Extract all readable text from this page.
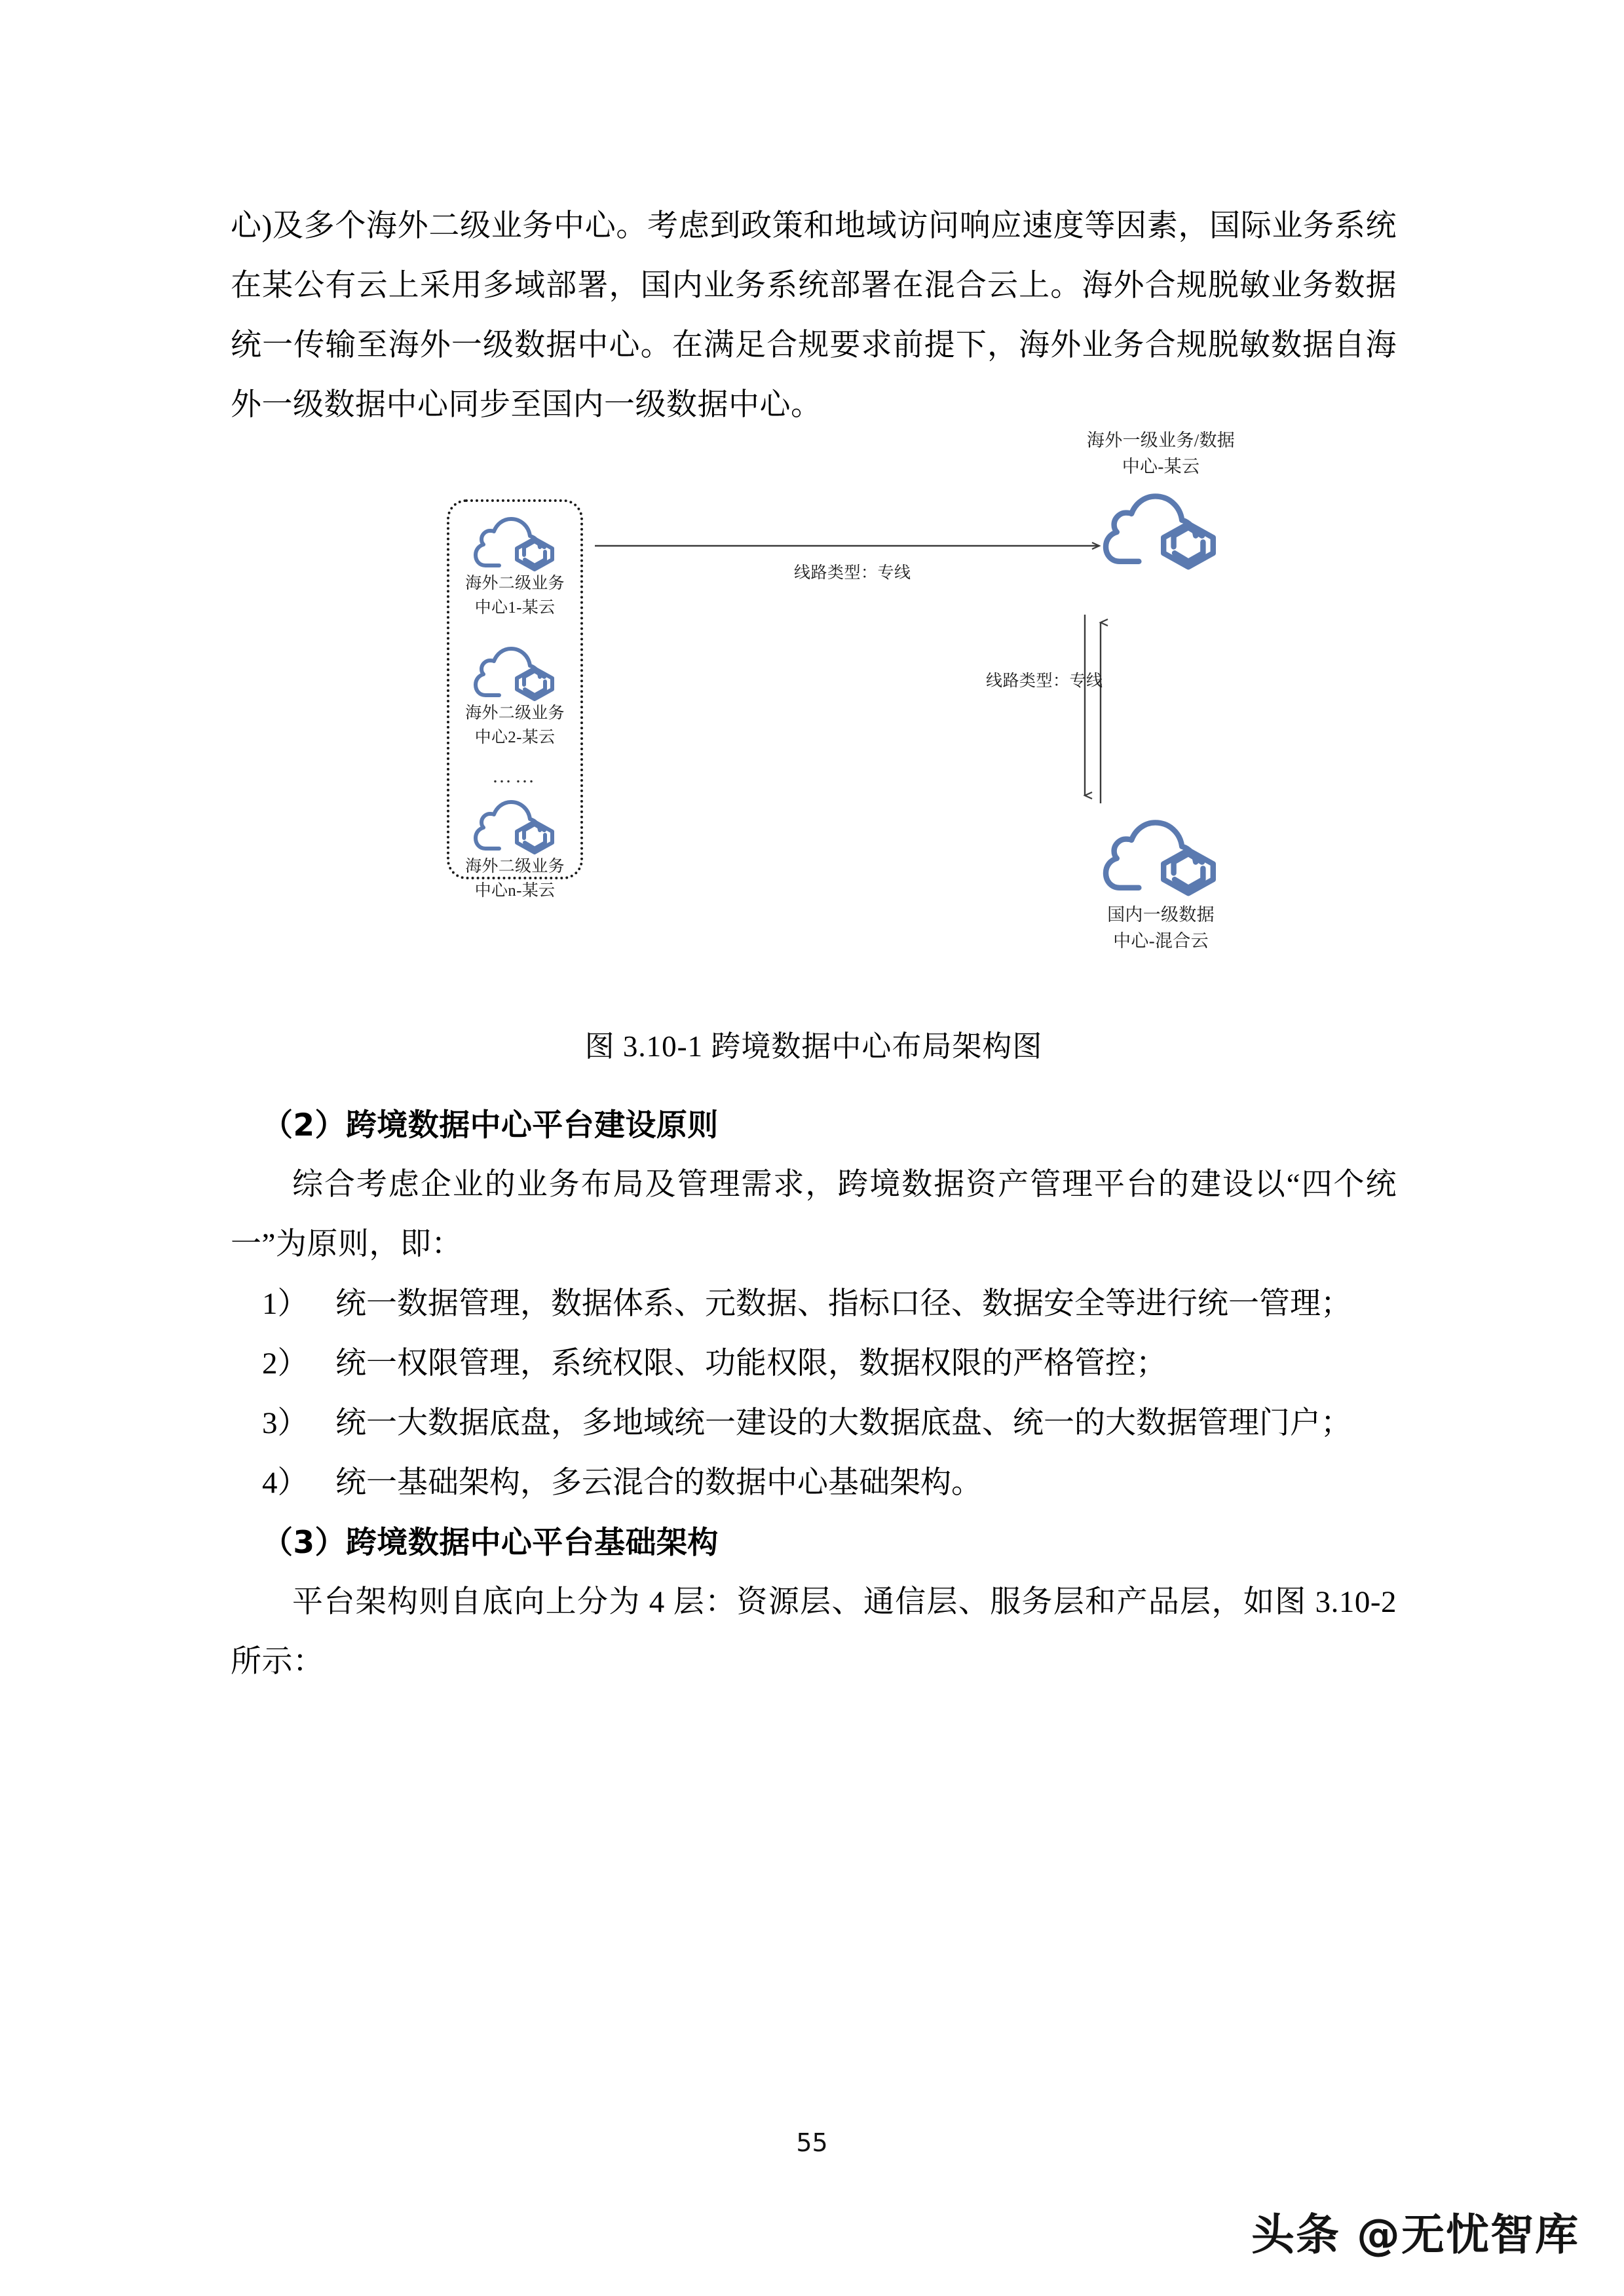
心)及多个海外二级业务中心。考虑到政策和地域访问响应速度等因素，国际业务系统在某公有云上采用多域部署，国内业务系统部署在混合云上。海外合规脱敏业务数据统一传输至海外一级数据中心。在满足合规要求前提下，海外业务合规脱敏数据自海外一级数据中心同步至国内一级数据中心。

海外二级业务
中心1-某云
海外二级业务
中心2-某云
……
海外二级业务
中心n-某云
线路类型：专线
海外一级业务/数据
中心-某云
线路类型：专线
国内一级数据
中心-混合云
图 3.10-1 跨境数据中心布局架构图
（2）跨境数据中心平台建设原则

综合考虑企业的业务布局及管理需求，跨境数据资产管理平台的建设以“四个统一”为原则，即：

1） 统一数据管理，数据体系、元数据、指标口径、数据安全等进行统一管理；
2） 统一权限管理，系统权限、功能权限，数据权限的严格管控；
3） 统一大数据底盘，多地域统一建设的大数据底盘、统一的大数据管理门户；
4） 统一基础架构，多云混合的数据中心基础架构。
（3）跨境数据中心平台基础架构

平台架构则自底向上分为 4 层：资源层、通信层、服务层和产品层，如图 3.10-2 所示：

55
头条 @无忧智库
